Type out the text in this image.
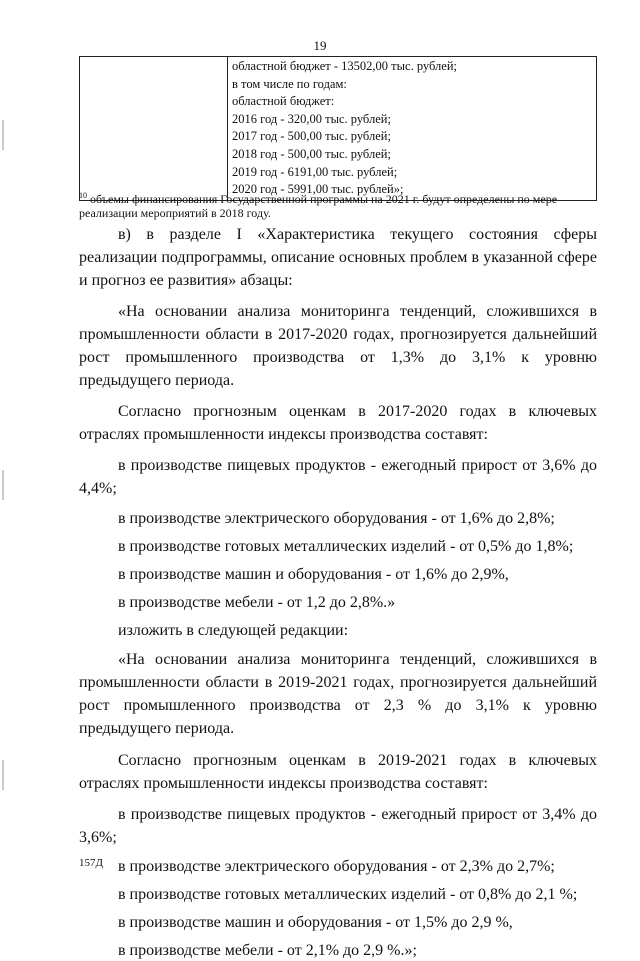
19

областной бюджет - 13502,00 тыс. рублей;
в том числе по годам:
областной бюджет:
2016 год - 320,00 тыс. рублей;
2017 год - 500,00 тыс. рублей;
2018 год - 500,00 тыс. рублей;
2019 год - 6191,00 тыс. рублей;
2020 год - 5991,00 тыс. рублей»;
$^{10}$ объемы финансирования Государственной программы на 2021 г. будут определены по мере реализации мероприятий в 2018 году.

в) в разделе I «Характеристика текущего состояния сферы реализации подпрограммы, описание основных проблем в указанной сфере и прогноз ее развития» абзацы:

«На основании анализа мониторинга тенденций, сложившихся в промышленности области в 2017-2020 годах, прогнозируется дальнейший рост промышленного производства от 1,3% до 3,1% к уровню предыдущего периода.

Согласно прогнозным оценкам в 2017-2020 годах в ключевых отраслях промышленности индексы производства составят:

в производстве пищевых продуктов - ежегодный прирост от 3,6% до 4,4%;

в производстве электрического оборудования - от 1,6% до 2,8%;

в производстве готовых металлических изделий - от 0,5% до 1,8%;

в производстве машин и оборудования - от 1,6% до 2,9%,

в производстве мебели - от 1,2 до 2,8%.»

изложить в следующей редакции:

«На основании анализа мониторинга тенденций, сложившихся в промышленности области в 2019-2021 годах, прогнозируется дальнейший рост промышленного производства от 2,3 % до 3,1% к уровню предыдущего периода.

Согласно прогнозным оценкам в 2019-2021 годах в ключевых отраслях промышленности индексы производства составят:

в производстве пищевых продуктов - ежегодный прирост от 3,4% до 3,6%;

в производстве электрического оборудования - от 2,3% до 2,7%;

в производстве готовых металлических изделий - от 0,8% до 2,1 %;

в производстве машин и оборудования - от 1,5% до 2,9 %,

в производстве мебели - от 2,1% до 2,9 %.»;

157Д
